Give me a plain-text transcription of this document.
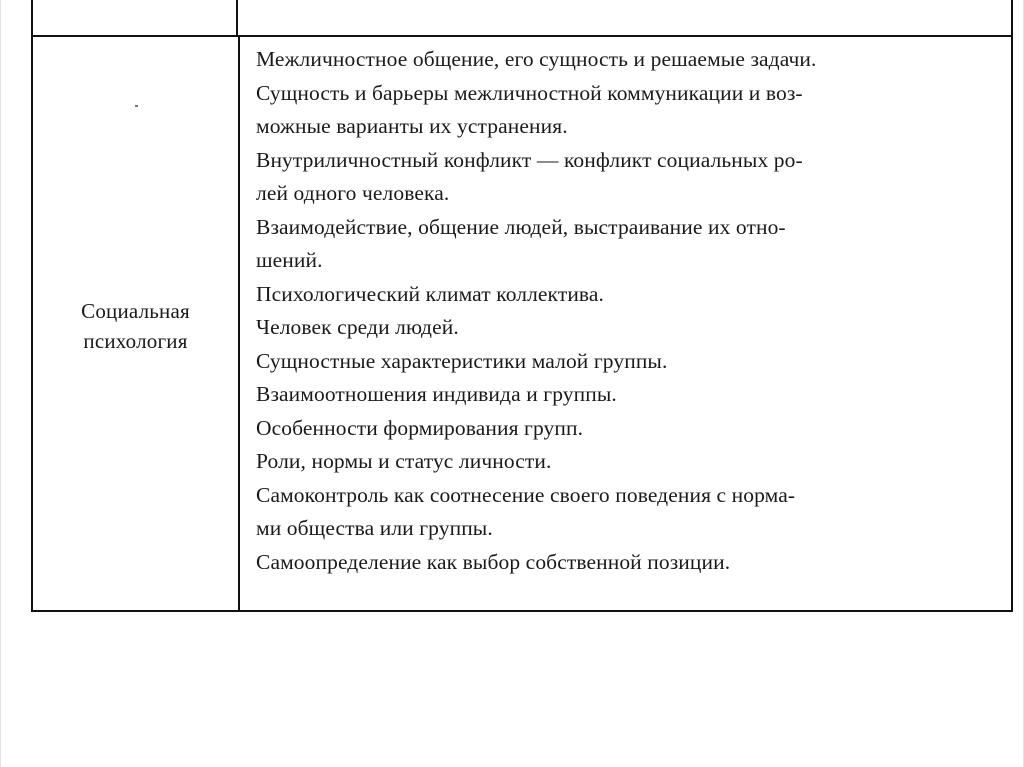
Социальная
психология
Межличностное общение, его сущность и решаемые задачи.
Сущность и барьеры межличностной коммуникации и воз-
можные варианты их устранения.
Внутриличностный конфликт — конфликт социальных ро-
лей одного человека.
Взаимодействие, общение людей, выстраивание их отно-
шений.
Психологический климат коллектива.
Человек среди людей.
Сущностные характеристики малой группы.
Взаимоотношения индивида и группы.
Особенности формирования групп.
Роли, нормы и статус личности.
Самоконтроль как соотнесение своего поведения с норма-
ми общества или группы.
Самоопределение как выбор собственной позиции.
